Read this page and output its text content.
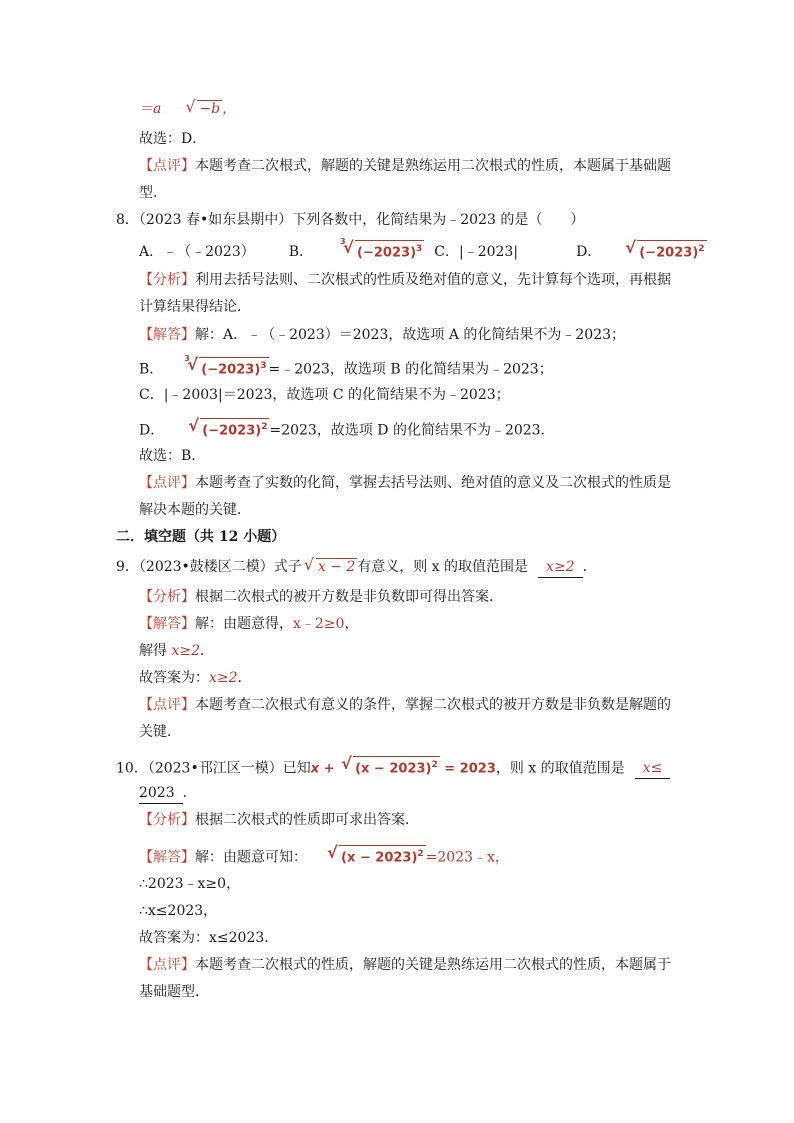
＝a	√ −b ，
故选：D．
【点评】本题考查二次根式，解题的关键是熟练运用二次根式的性质，本题属于基础题
型．
8．（2023 春•如东县期中）下列各数中，化简结果为﹣2023 的是（　　）
A．﹣（﹣2023） B．
√ 3
$(-2023)^3$ C．|﹣2023|	D．	√ $(-2023)^2$
【分析】利用去括号法则、二次根式的性质及绝对值的意义，先计算每个选项，再根据
计算结果得结论．
【解答】解：A．﹣（﹣2023）＝2023，故选项 A 的化简结果不为﹣2023；
B．
√ 3
$(-2023)^3$ =﹣2023，故选项 B 的化简结果为﹣2023；
C．|﹣2003|＝2023，故选项 C 的化简结果不为﹣2023；
D．	√ $(-2023)^2 =2023$，故选项 D 的化简结果不为﹣2023．
故选：B．
【点评】本题考查了实数的化简，掌握去括号法则、绝对值的意义及二次根式的性质是
解决本题的关键．
二．填空题（共 12 小题）
9．（2023•鼓楼区二模）式子 √ x − 2 有意义，则 x 的取值范围是 x≥2 ．
【分析】根据二次根式的被开方数是非负数即可得出答案．
【解答】解：由题意得，x﹣2≥0，
解得 x≥2．
故答案为：x≥2．
【点评】本题考查二次根式有意义的条件，掌握二次根式的被开方数是非负数是解题的
关键．
10．（2023•邗江区一模）已知x + √ $(x - 2023)^2 = 2023$，则 x 的取值范围是 x≤
2023 ．
【分析】根据二次根式的性质即可求出答案．
【解答】解：由题意可知：	√ $(x - 2023)^2$ =2023﹣x，
∴2023﹣x≥0，
∴x≤2023，
故答案为：x≤2023．
【点评】本题考查二次根式的性质，解题的关键是熟练运用二次根式的性质，本题属于
基础题型．
